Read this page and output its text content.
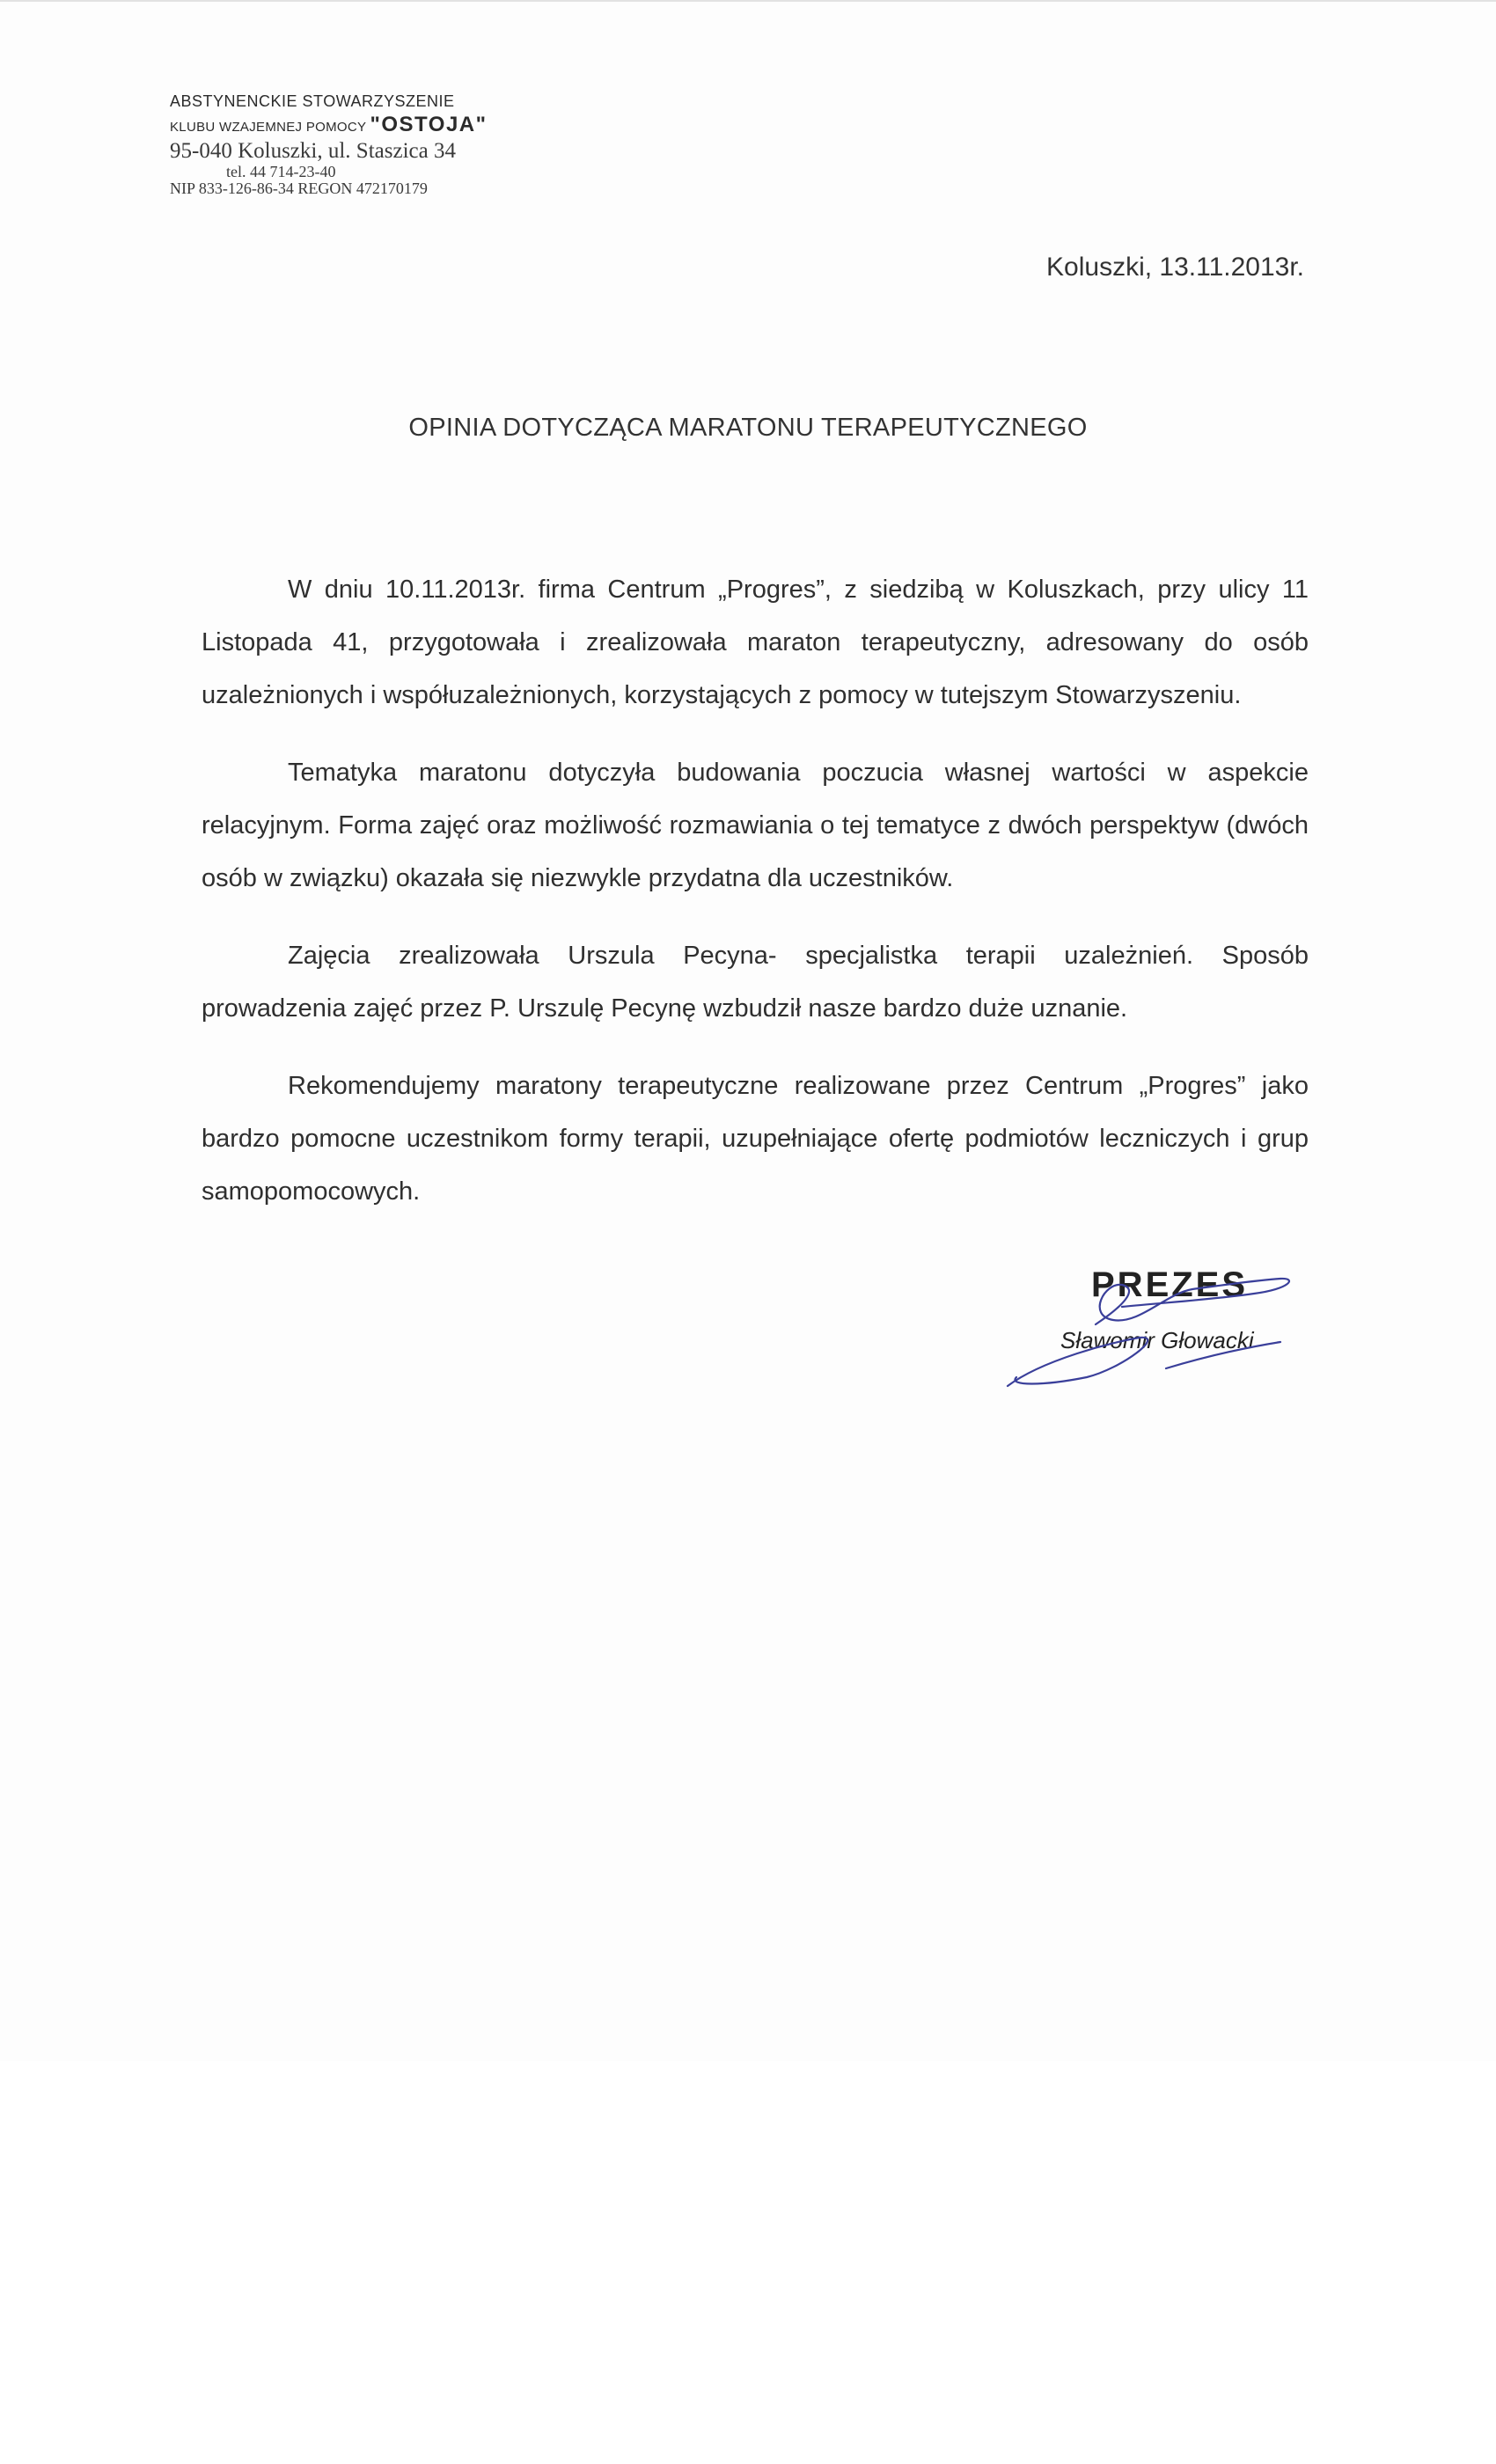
ABSTYNENCKIE STOWARZYSZENIE
KLUBU WZAJEMNEJ POMOCY "OSTOJA"
95-040 Koluszki, ul. Staszica 34
tel. 44 714-23-40
NIP 833-126-86-34 REGON 472170179
Koluszki, 13.11.2013r.
OPINIA DOTYCZĄCA MARATONU TERAPEUTYCZNEGO

W dniu 10.11.2013r. firma Centrum „Progres”, z siedzibą w Koluszkach, przy ulicy 11 Listopada 41, przygotowała i zrealizowała maraton terapeutyczny, adresowany do osób uzależnionych i współuzależnionych, korzystających z pomocy w tutejszym Stowarzyszeniu.

Tematyka maratonu dotyczyła budowania poczucia własnej wartości w aspekcie relacyjnym. Forma zajęć oraz możliwość rozmawiania o tej tematyce z dwóch perspektyw (dwóch osób w związku) okazała się niezwykle przydatna dla uczestników.

Zajęcia zrealizowała Urszula Pecyna- specjalistka terapii uzależnień. Sposób prowadzenia zajęć przez P. Urszulę Pecynę wzbudził nasze bardzo duże uznanie.

Rekomendujemy maratony terapeutyczne realizowane przez Centrum „Progres” jako bardzo pomocne uczestnikom formy terapii, uzupełniające ofertę podmiotów leczniczych i grup samopomocowych.

PREZES
Sławomir Głowacki
